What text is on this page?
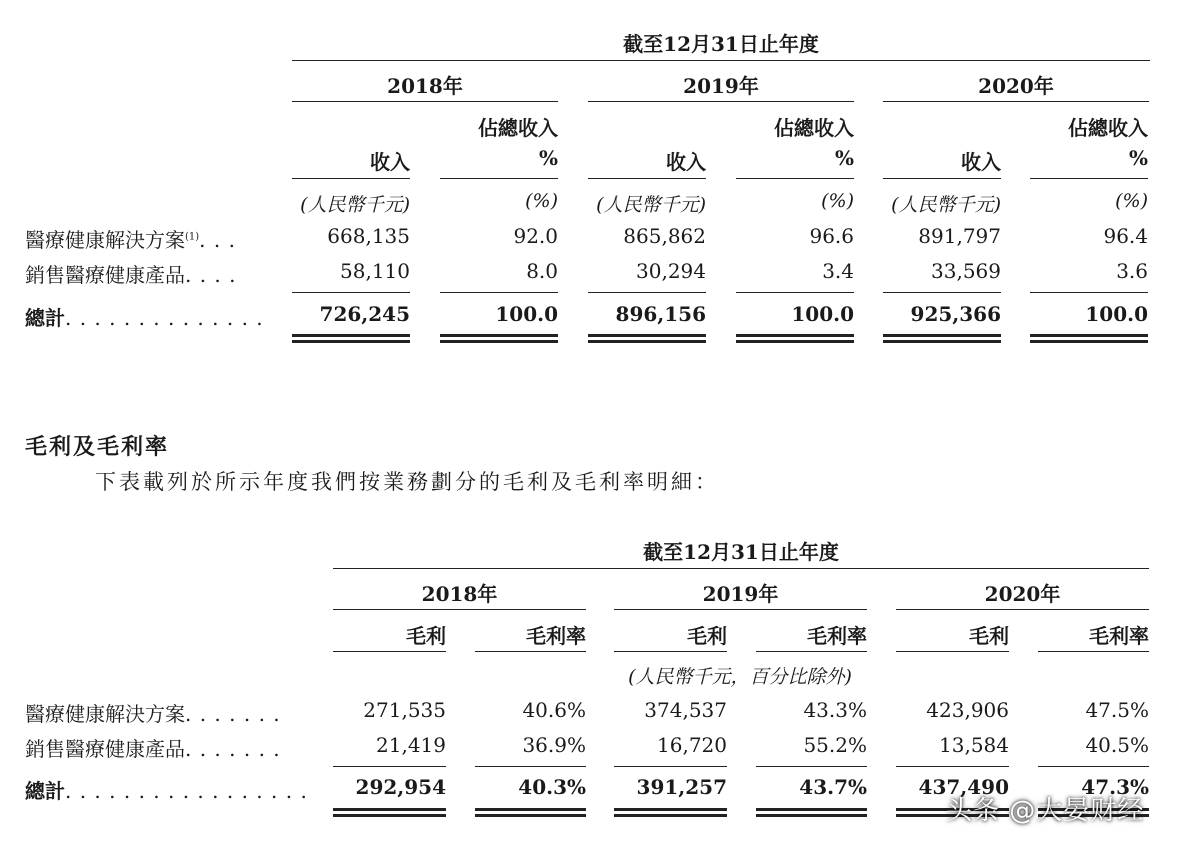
截至12月31日止年度
2018年	2019年	2020年
佔總收入	佔總收入	佔總收入
收入	%	收入	%	收入	%
(人民幣千元)	(%)	(人民幣千元)	(%)	(人民幣千元)	(%)
醫療健康解決方案$^{(1)}$. . .	668,135	92.0	865,862	96.6	891,797	96.4
銷售醫療健康產品. . . .	58,110	8.0	30,294	3.4	33,569	3.6
總計. . . . . . . . . . . . . .	726,245	100.0	896,156	100.0	925,366	100.0
毛利及毛利率
下表載列於所示年度我們按業務劃分的毛利及毛利率明細：
截至12月31日止年度
2018年	2019年	2020年
毛利	毛利率	毛利	毛利率	毛利	毛利率
(人民幣千元，百分比除外)
醫療健康解決方案. . . . . . .	271,535	40.6%	374,537	43.3%	423,906	47.5%
銷售醫療健康產品. . . . . . .	21,419	36.9%	16,720	55.2%	13,584	40.5%
總計. . . . . . . . . . . . . . . . .	292,954	40.3%	391,257	43.7%	437,490	47.3%
头条 @大晏财经
